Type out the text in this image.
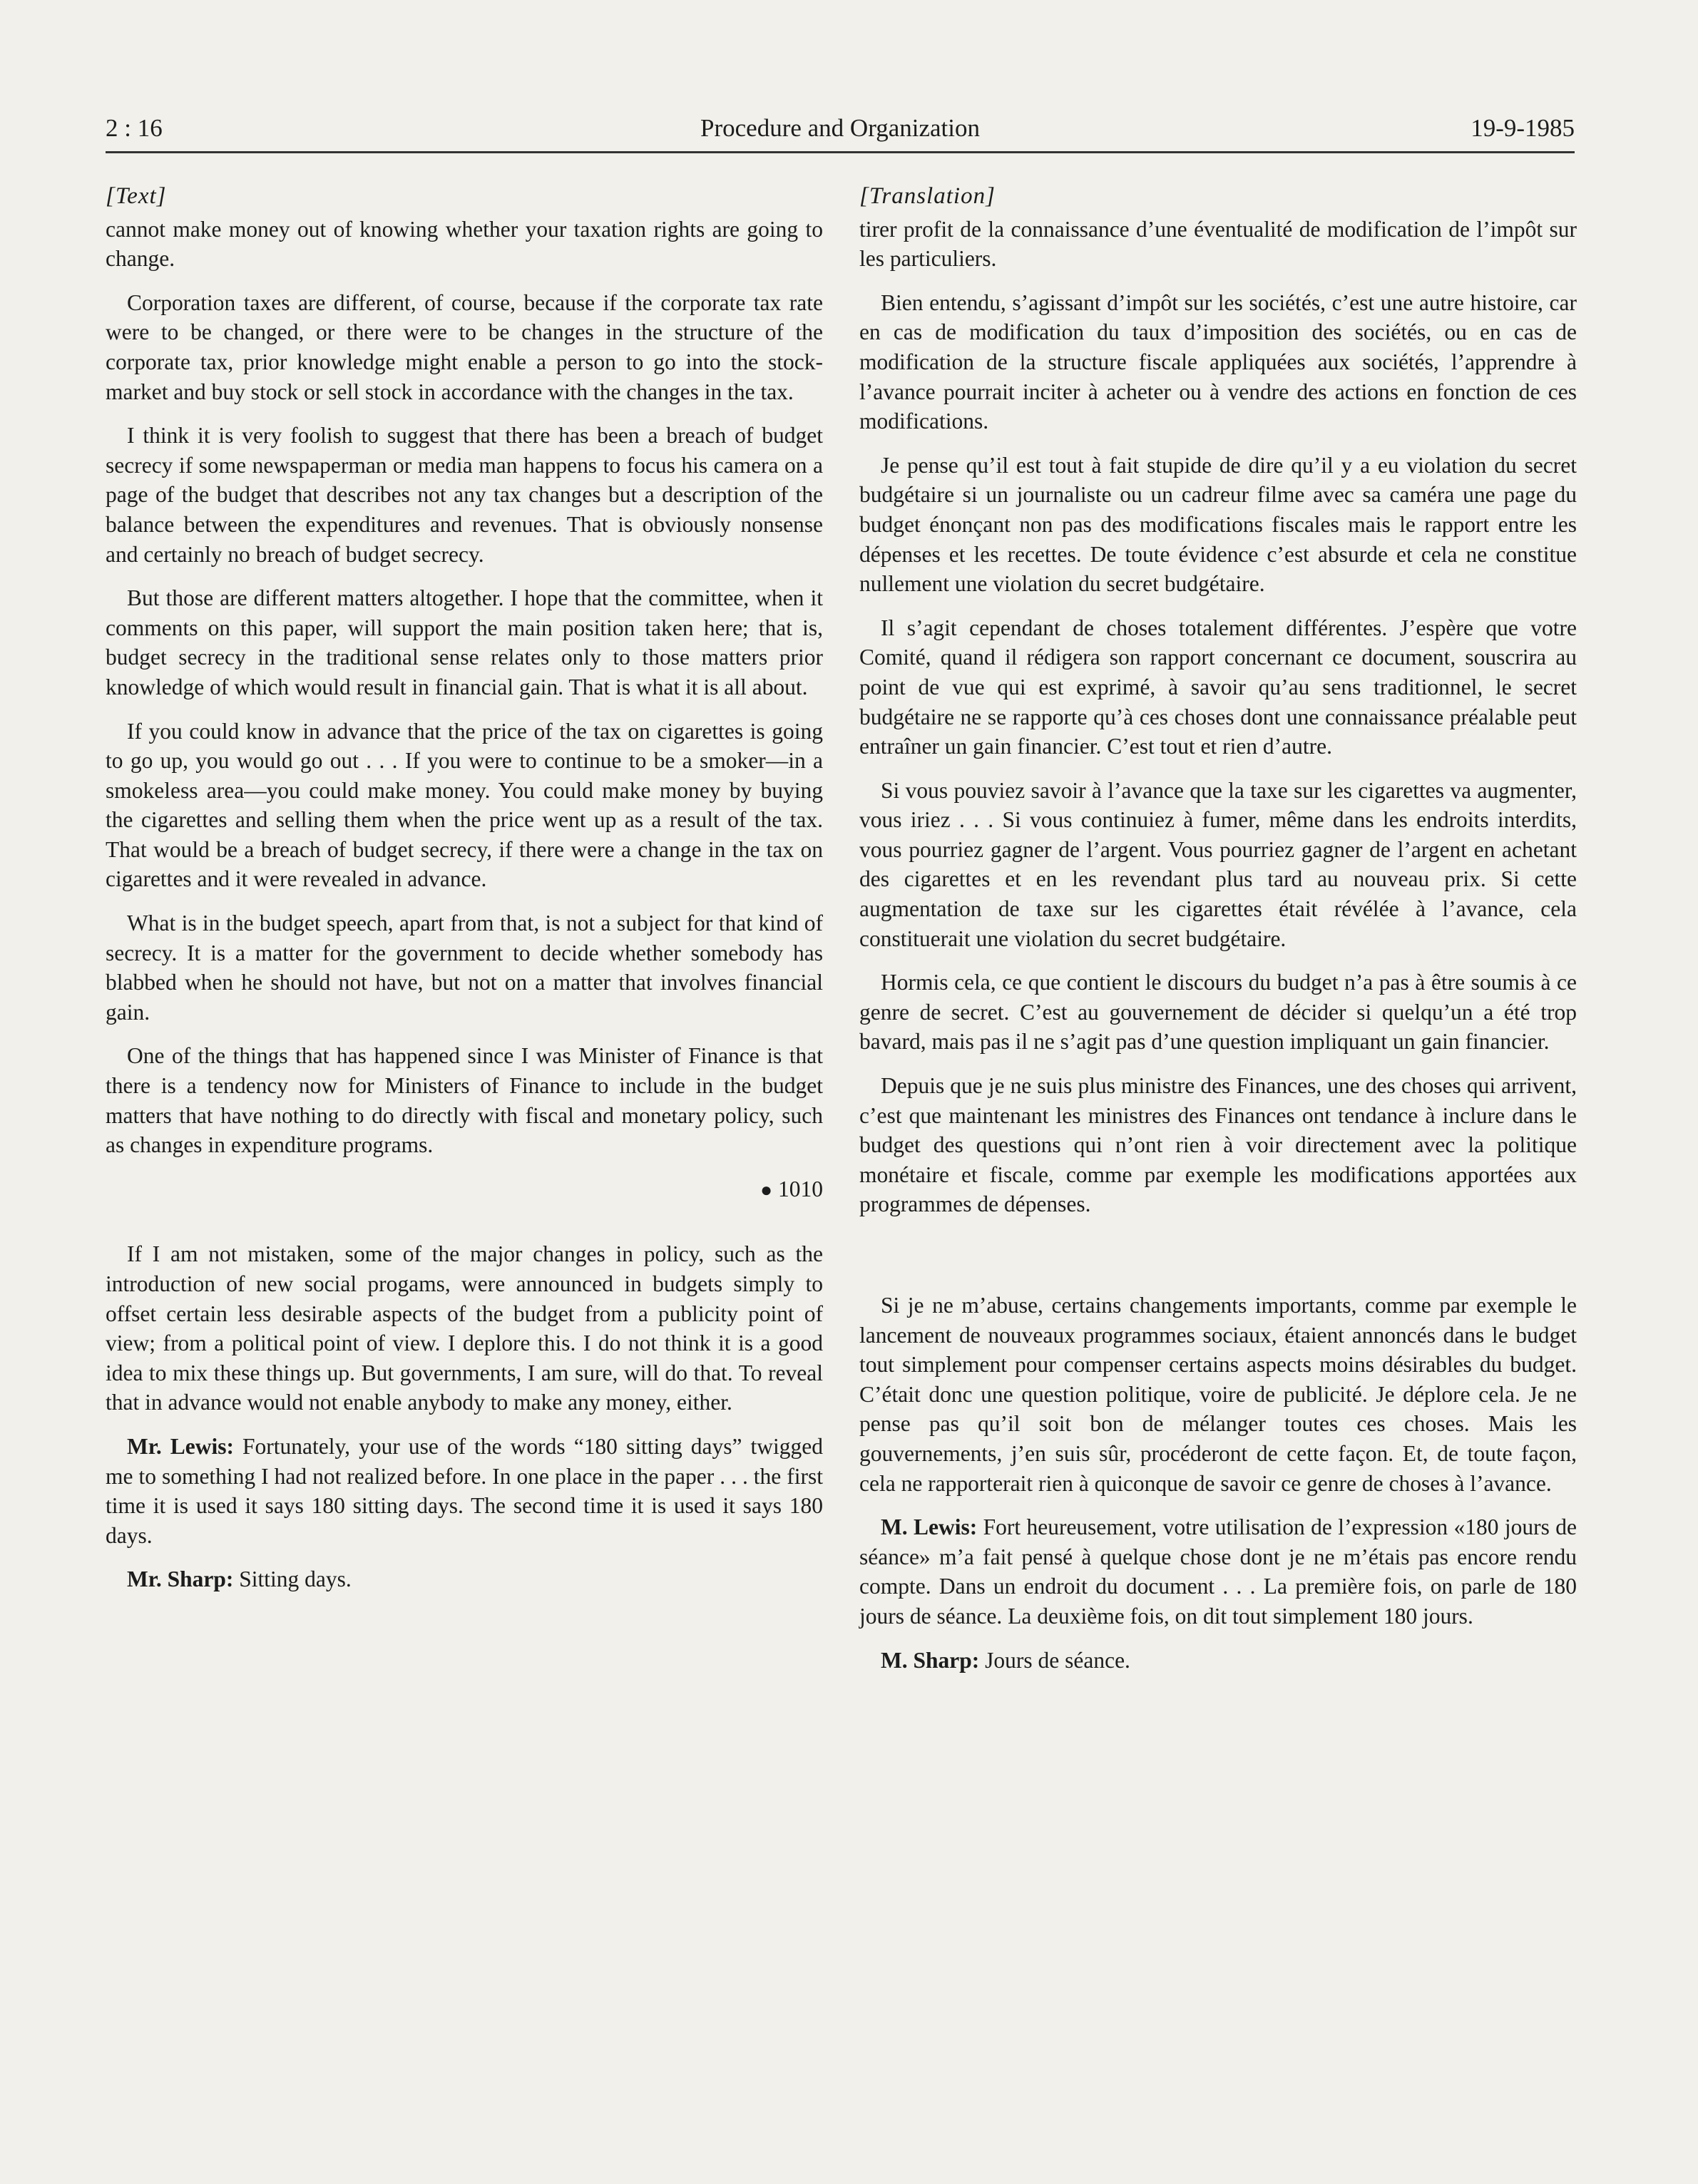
2 : 16	Procedure and Organization	19-9-1985

[Text]

cannot make money out of knowing whether your taxation rights are going to change.

Corporation taxes are different, of course, because if the corporate tax rate were to be changed, or there were to be changes in the structure of the corporate tax, prior knowledge might enable a person to go into the stock-market and buy stock or sell stock in accordance with the changes in the tax.

I think it is very foolish to suggest that there has been a breach of budget secrecy if some newspaperman or media man happens to focus his camera on a page of the budget that describes not any tax changes but a description of the balance between the expenditures and revenues. That is obviously nonsense and certainly no breach of budget secrecy.

But those are different matters altogether. I hope that the committee, when it comments on this paper, will support the main position taken here; that is, budget secrecy in the traditional sense relates only to those matters prior knowledge of which would result in financial gain. That is what it is all about.

If you could know in advance that the price of the tax on cigarettes is going to go up, you would go out . . . If you were to continue to be a smoker—in a smokeless area—you could make money. You could make money by buying the cigarettes and selling them when the price went up as a result of the tax. That would be a breach of budget secrecy, if there were a change in the tax on cigarettes and it were revealed in advance.

What is in the budget speech, apart from that, is not a subject for that kind of secrecy. It is a matter for the government to decide whether somebody has blabbed when he should not have, but not on a matter that involves financial gain.

One of the things that has happened since I was Minister of Finance is that there is a tendency now for Ministers of Finance to include in the budget matters that have nothing to do directly with fiscal and monetary policy, such as changes in expenditure programs.

● 1010

If I am not mistaken, some of the major changes in policy, such as the introduction of new social progams, were announced in budgets simply to offset certain less desirable aspects of the budget from a publicity point of view; from a political point of view. I deplore this. I do not think it is a good idea to mix these things up. But governments, I am sure, will do that. To reveal that in advance would not enable anybody to make any money, either.

Mr. Lewis: Fortunately, your use of the words “180 sitting days” twigged me to something I had not realized before. In one place in the paper . . . the first time it is used it says 180 sitting days. The second time it is used it says 180 days.

Mr. Sharp: Sitting days.

[Translation]

tirer profit de la connaissance d’une éventualité de modification de l’impôt sur les particuliers.

Bien entendu, s’agissant d’impôt sur les sociétés, c’est une autre histoire, car en cas de modification du taux d’imposition des sociétés, ou en cas de modification de la structure fiscale appliquées aux sociétés, l’apprendre à l’avance pourrait inciter à acheter ou à vendre des actions en fonction de ces modifications.

Je pense qu’il est tout à fait stupide de dire qu’il y a eu violation du secret budgétaire si un journaliste ou un cadreur filme avec sa caméra une page du budget énonçant non pas des modifications fiscales mais le rapport entre les dépenses et les recettes. De toute évidence c’est absurde et cela ne constitue nullement une violation du secret budgétaire.

Il s’agit cependant de choses totalement différentes. J’espère que votre Comité, quand il rédigera son rapport concernant ce document, souscrira au point de vue qui est exprimé, à savoir qu’au sens traditionnel, le secret budgétaire ne se rapporte qu’à ces choses dont une connaissance préalable peut entraîner un gain financier. C’est tout et rien d’autre.

Si vous pouviez savoir à l’avance que la taxe sur les cigarettes va augmenter, vous iriez . . . Si vous continuiez à fumer, même dans les endroits interdits, vous pourriez gagner de l’argent. Vous pourriez gagner de l’argent en achetant des cigarettes et en les revendant plus tard au nouveau prix. Si cette augmentation de taxe sur les cigarettes était révélée à l’avance, cela constituerait une violation du secret budgétaire.

Hormis cela, ce que contient le discours du budget n’a pas à être soumis à ce genre de secret. C’est au gouvernement de décider si quelqu’un a été trop bavard, mais pas il ne s’agit pas d’une question impliquant un gain financier.

Depuis que je ne suis plus ministre des Finances, une des choses qui arrivent, c’est que maintenant les ministres des Finances ont tendance à inclure dans le budget des questions qui n’ont rien à voir directement avec la politique monétaire et fiscale, comme par exemple les modifications apportées aux programmes de dépenses.

Si je ne m’abuse, certains changements importants, comme par exemple le lancement de nouveaux programmes sociaux, étaient annoncés dans le budget tout simplement pour compenser certains aspects moins désirables du budget. C’était donc une question politique, voire de publicité. Je déplore cela. Je ne pense pas qu’il soit bon de mélanger toutes ces choses. Mais les gouvernements, j’en suis sûr, procéderont de cette façon. Et, de toute façon, cela ne rapporterait rien à quiconque de savoir ce genre de choses à l’avance.

M. Lewis: Fort heureusement, votre utilisation de l’expression «180 jours de séance» m’a fait pensé à quelque chose dont je ne m’étais pas encore rendu compte. Dans un endroit du document . . . La première fois, on parle de 180 jours de séance. La deuxième fois, on dit tout simplement 180 jours.

M. Sharp: Jours de séance.
